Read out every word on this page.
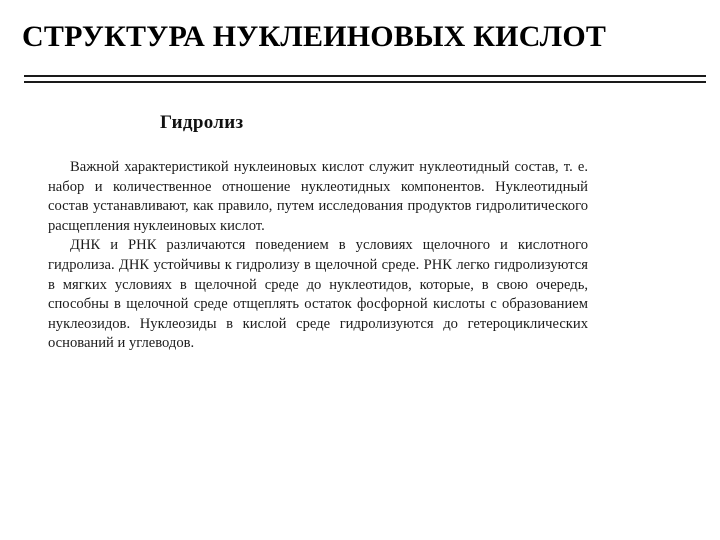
СТРУКТУРА НУКЛЕИНОВЫХ КИСЛОТ
Гидролиз

Важной характеристикой нуклеиновых кислот служит нуклеотидный состав, т. е. набор и количественное отношение нуклеотидных компонентов. Нуклеотидный состав устанавливают, как правило, путем исследования продуктов гидролитического расщепления нуклеиновых кислот.

ДНК и РНК различаются поведением в условиях щелочного и кислотного гидролиза. ДНК устойчивы к гидролизу в щелочной среде. РНК легко гидролизуются в мягких условиях в щелочной среде до нуклеотидов, которые, в свою очередь, способны в щелочной среде отщеплять остаток фосфорной кислоты с образованием нуклеозидов. Нуклеозиды в кислой среде гидролизуются до гетероциклических оснований и углеводов.
